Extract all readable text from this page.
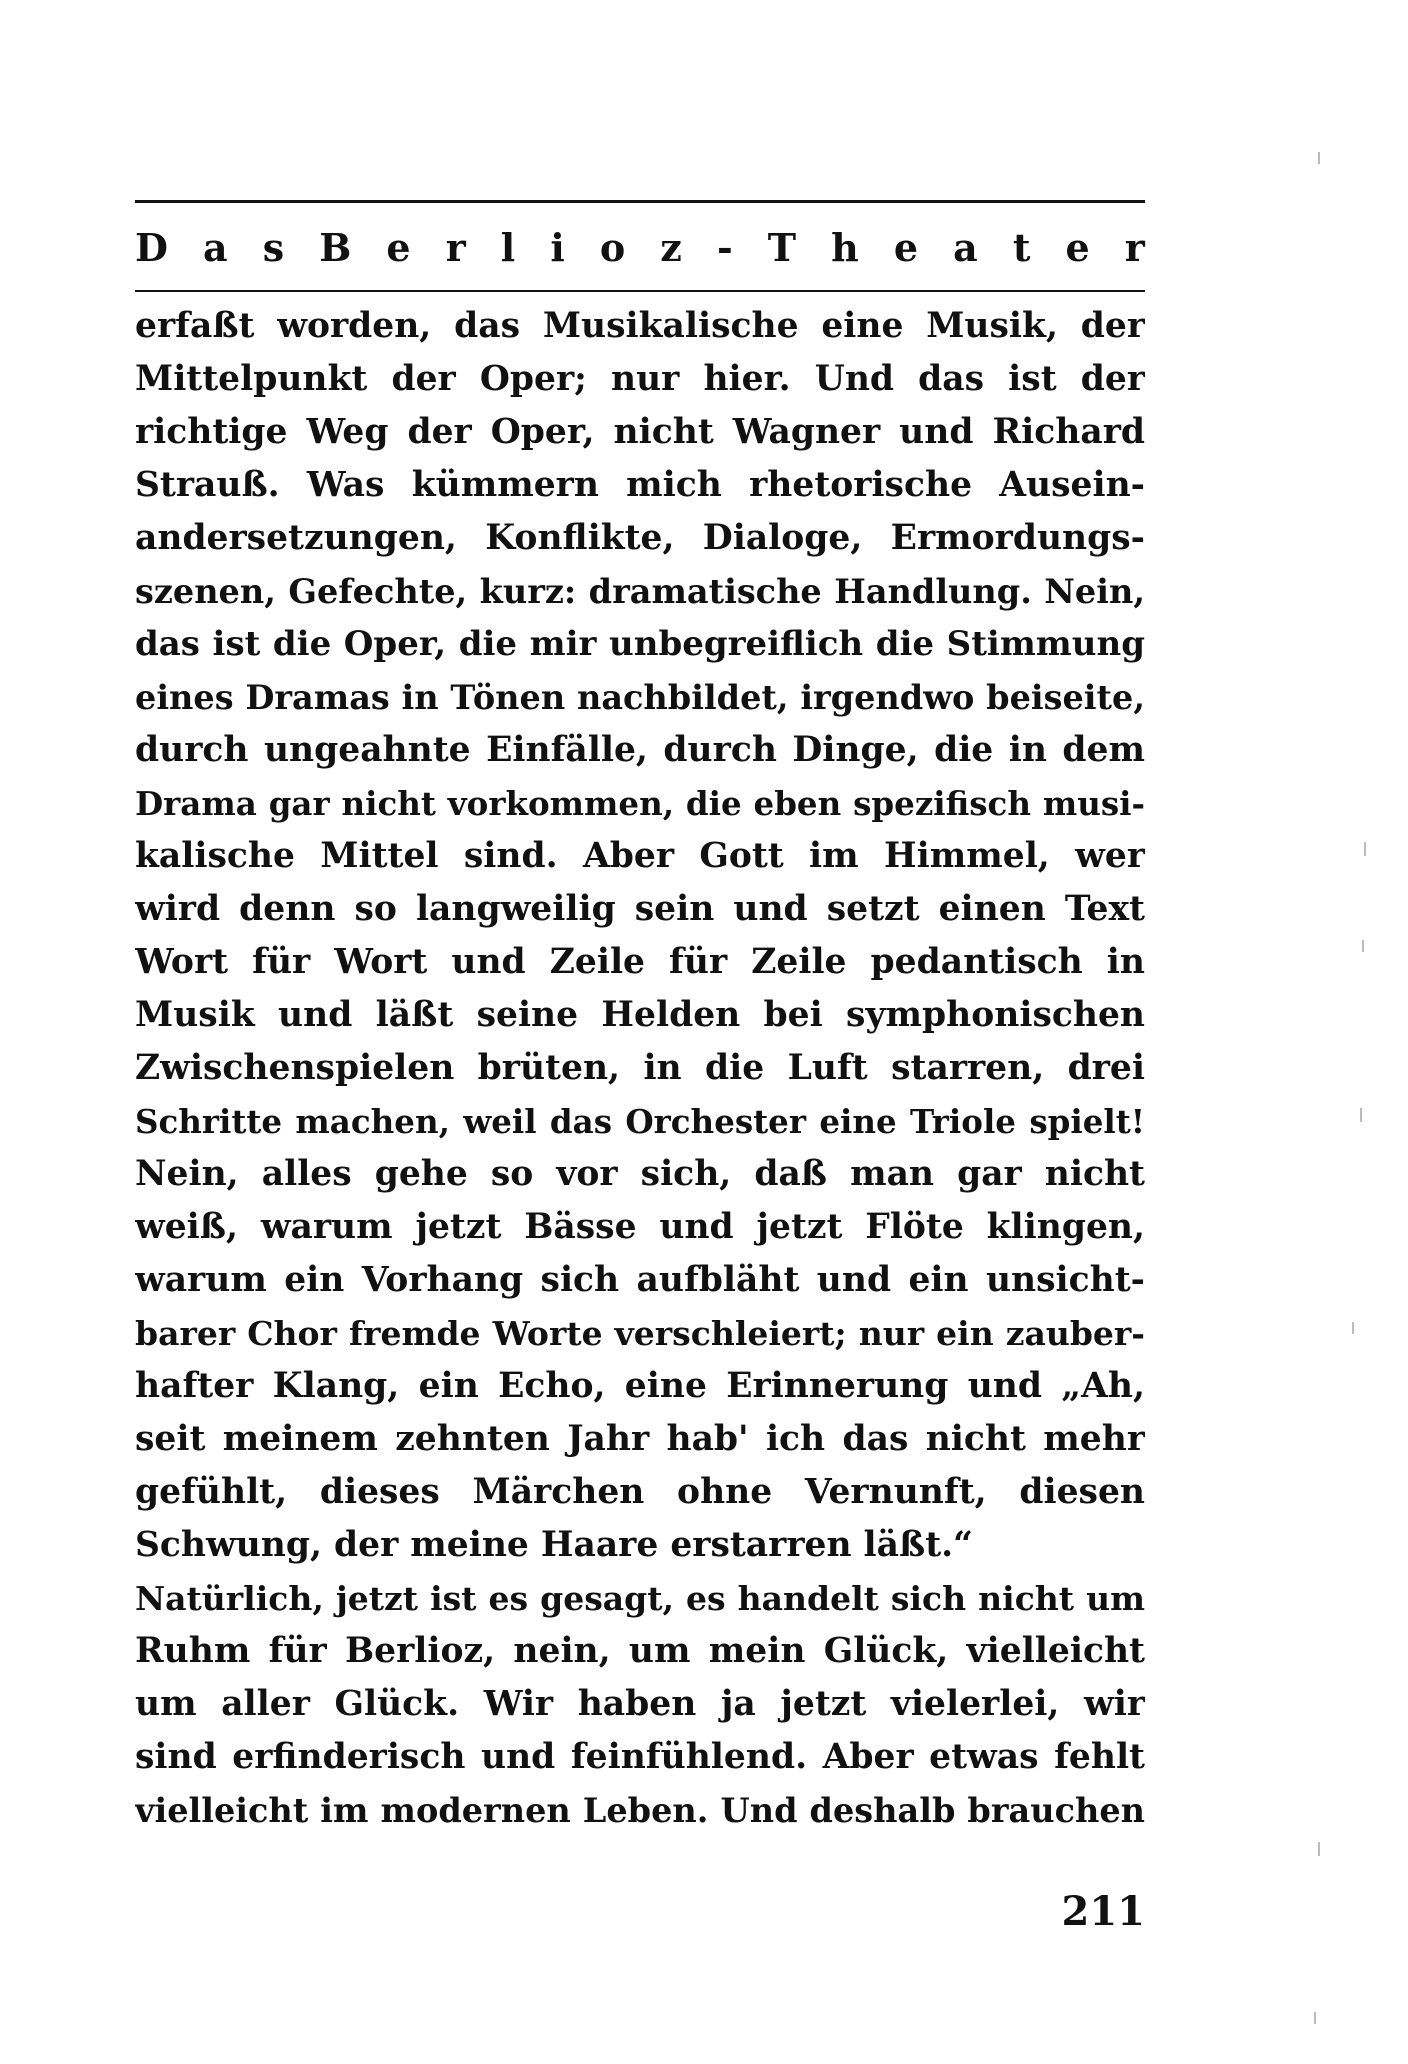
D a s B e r l i o z - T h e a t e r
erfaßt worden, das Musikalische eine Musik, der
Mittelpunkt der Oper; nur hier. Und das ist der
richtige Weg der Oper, nicht Wagner und Richard
Strauß. Was kümmern mich rhetorische Ausein-
andersetzungen, Konflikte, Dialoge, Ermordungs-
szenen, Gefechte, kurz: dramatische Handlung. Nein,
das ist die Oper, die mir unbegreiflich die Stimmung
eines Dramas in Tönen nachbildet, irgendwo beiseite,
durch ungeahnte Einfälle, durch Dinge, die in dem
Drama gar nicht vorkommen, die eben spezifisch musi-
kalische Mittel sind. Aber Gott im Himmel, wer
wird denn so langweilig sein und setzt einen Text
Wort für Wort und Zeile für Zeile pedantisch in
Musik und läßt seine Helden bei symphonischen
Zwischenspielen brüten, in die Luft starren, drei
Schritte machen, weil das Orchester eine Triole spielt!
Nein, alles gehe so vor sich, daß man gar nicht
weiß, warum jetzt Bässe und jetzt Flöte klingen,
warum ein Vorhang sich aufbläht und ein unsicht-
barer Chor fremde Worte verschleiert; nur ein zauber-
hafter Klang, ein Echo, eine Erinnerung und „Ah,
seit meinem zehnten Jahr hab' ich das nicht mehr
gefühlt, dieses Märchen ohne Vernunft, diesen
Schwung, der meine Haare erstarren läßt.“
Natürlich, jetzt ist es gesagt, es handelt sich nicht um
Ruhm für Berlioz, nein, um mein Glück, vielleicht
um aller Glück. Wir haben ja jetzt vielerlei, wir
sind erfinderisch und feinfühlend. Aber etwas fehlt
vielleicht im modernen Leben. Und deshalb brauchen
211
